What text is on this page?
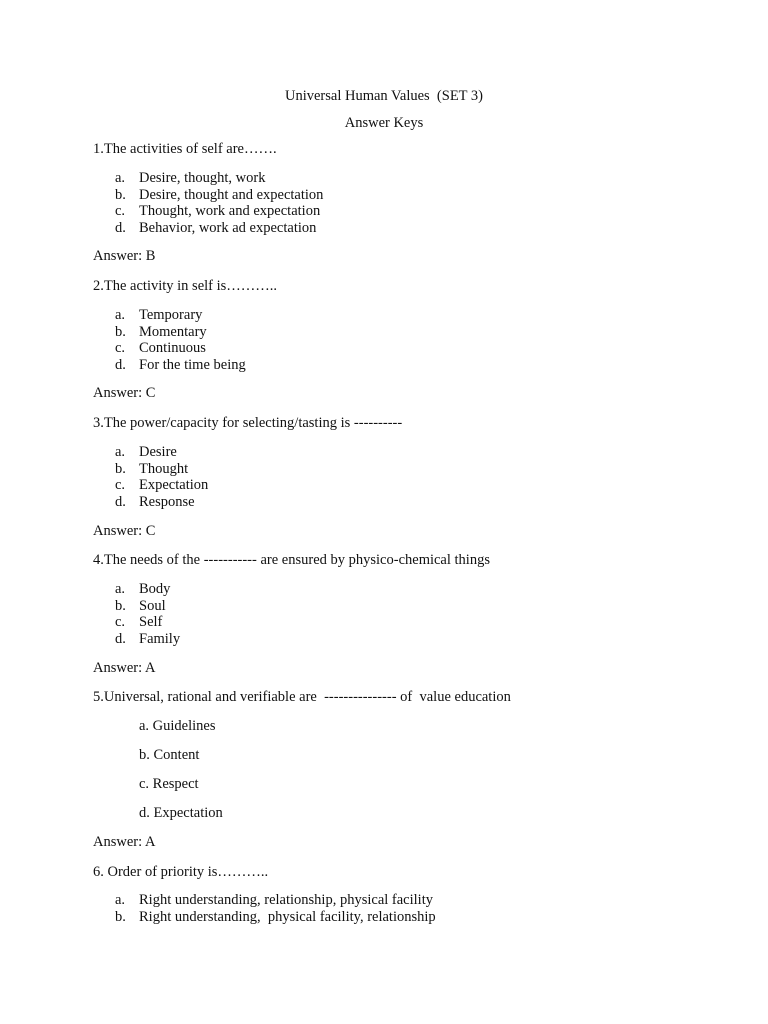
Universal Human Values  (SET 3)
Answer Keys
1.The activities of self are…….
a. Desire, thought, work
b. Desire, thought and expectation
c. Thought, work and expectation
d. Behavior, work ad expectation
Answer: B
2.The activity in self is………..
a. Temporary
b. Momentary
c. Continuous
d. For the time being
Answer: C
3.The power/capacity for selecting/tasting is ----------
a. Desire
b. Thought
c. Expectation
d. Response
Answer: C
4.The needs of the ----------- are ensured by physico-chemical things
a. Body
b. Soul
c. Self
d. Family
Answer: A
5.Universal, rational and verifiable are  --------------- of  value education
a. Guidelines
b. Content
c. Respect
d. Expectation
Answer: A
6. Order of priority is………..
a. Right understanding, relationship, physical facility
b. Right understanding,  physical facility, relationship
